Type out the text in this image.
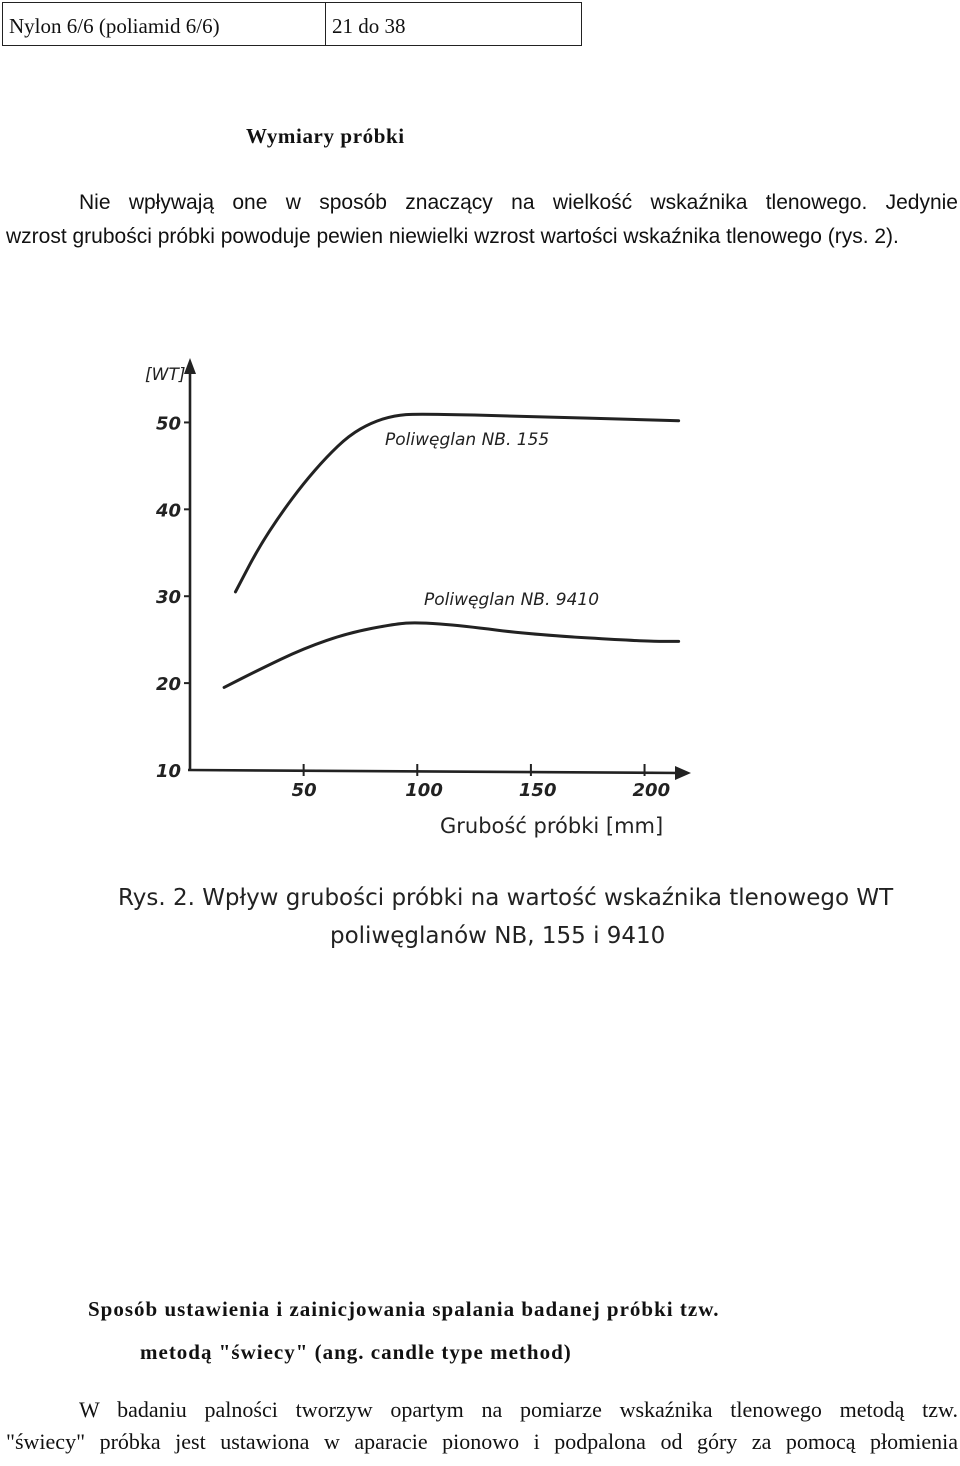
Nylon 6/6 (poliamid 6/6)	21 do 38
Wymiary próbki
Nie wpływają one w sposób znaczący na wielkość wskaźnika tlenowego. Jedynie
wzrost grubości próbki powoduje pewien niewielki wzrost wartości wskaźnika tlenowego (rys. 2).
10
20
30
40
50
50	100	150	200
Poliwęglan NB. 155
Poliwęglan NB. 9410
[WT]
Grubość próbki [mm]
Rys. 2. Wpływ grubości próbki na wartość wskaźnika tlenowego WT
poliwęglanów NB, 155 i 9410
Sposób ustawienia i zainicjowania spalania badanej próbki tzw.
metodą "świecy" (ang. candle type method)
W badaniu palności tworzyw opartym na pomiarze wskaźnika tlenowego metodą tzw.
"świecy" próbka jest ustawiona w aparacie pionowo i podpalona od góry za pomocą płomienia
